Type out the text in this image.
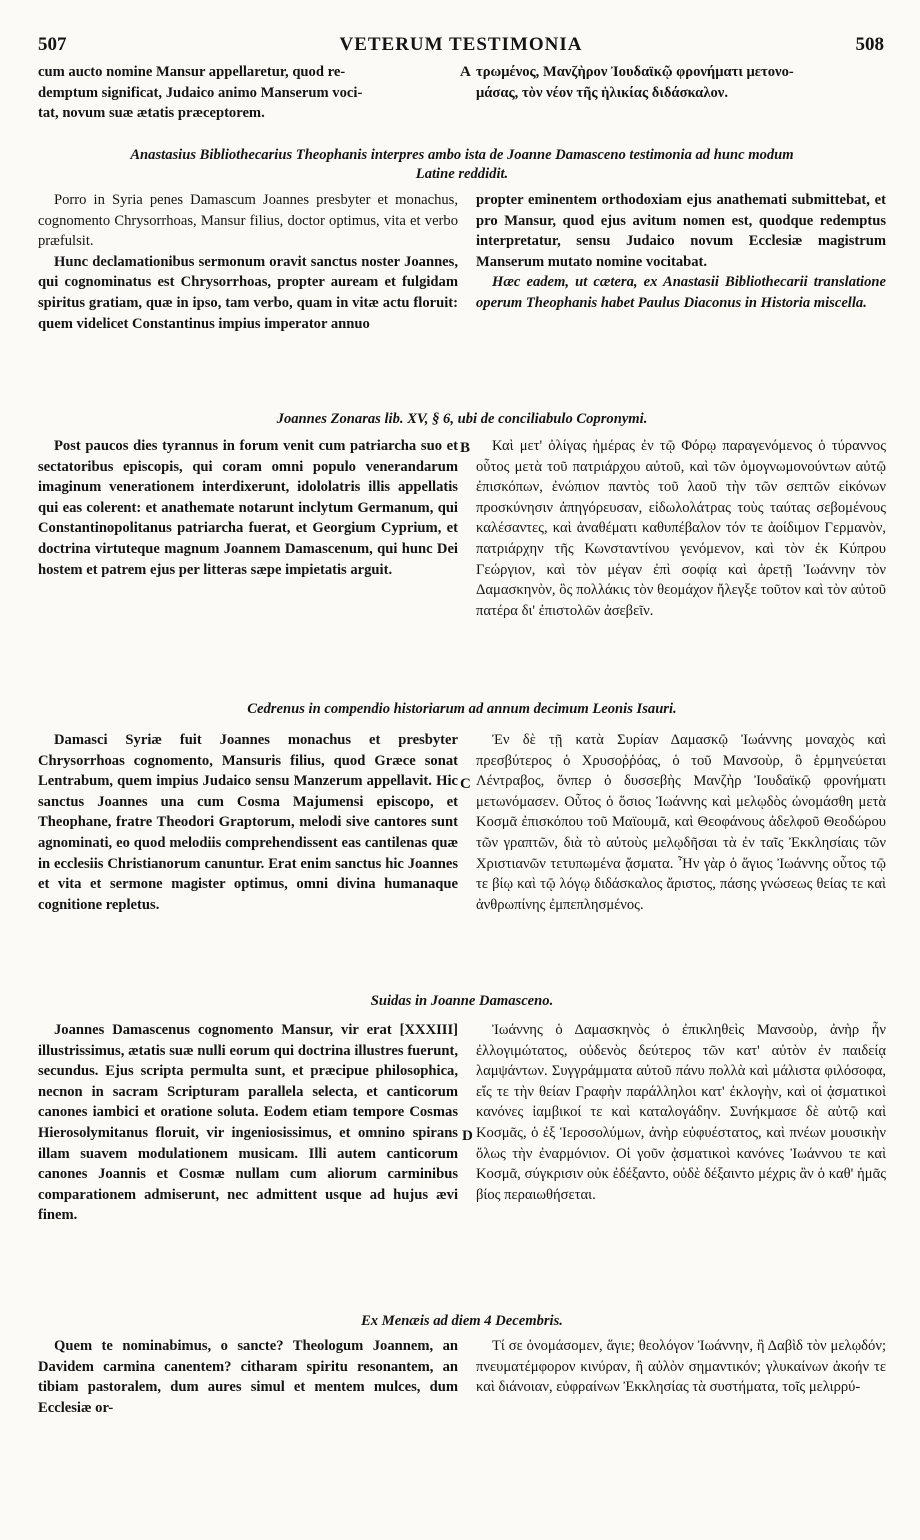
507	VETERUM TESTIMONIA	508

cum aucto nomine Mansur appellaretur, quod re-

demptum significat, Judaico animo Manserum voci-

tat, novum suæ ætatis præceptorem.

A τρωμένος, Μανζὴρον Ἰουδαϊκῷ φρονήματι μετονο-

μάσας, τὸν νέον τῆς ἡλικίας διδάσκαλον.

Anastasius Bibliothecarius Theophanis interpres ambo ista de Joanne Damasceno testimonia ad hunc modum
Latine reddidit.

Porro in Syria penes Damascum Joannes presbyter et monachus, cognomento Chrysorrhoas, Mansur filius, doctor optimus, vita et verbo præfulsit.

Hunc declamationibus sermonum oravit sanctus noster Joannes, qui cognominatus est Chrysorrhoas, propter auream et fulgidam spiritus gratiam, quæ in ipso, tam verbo, quam in vitæ actu floruit: quem videlicet Constantinus impius imperator annuo

propter eminentem orthodoxiam ejus anathemati submittebat, et pro Mansur, quod ejus avitum nomen est, quodque redemptus interpretatur, sensu Judaico novum Ecclesiæ magistrum Manserum mutato nomine vocitabat.

Hæc eadem, ut cætera, ex Anastasii Bibliothecarii translatione operum Theophanis habet Paulus Diaconus in Historia miscella.

Joannes Zonaras lib. XV, § 6, ubi de conciliabulo Copronymi.

Post paucos dies tyrannus in forum venit cum patriarcha suo et sectatoribus episcopis, qui coram omni populo venerandarum imaginum venerationem interdixerunt, idololatris illis appellatis qui eas colerent: et anathemate notarunt inclytum Germanum, qui Constantinopolitanus patriarcha fuerat, et Georgium Cyprium, et doctrina virtuteque magnum Joannem Damascenum, qui hunc Dei hostem et patrem ejus per litteras sæpe impietatis arguit.

B	Καὶ μετ' ὀλίγας ἡμέρας ἐν τῷ Φόρῳ παραγενόμενος ὁ τύραννος οὗτος μετὰ τοῦ πατριάρχου αὐτοῦ, καὶ τῶν ὁμογνωμονούντων αὐτῷ ἐπισκόπων, ἐνώπιον παντὸς τοῦ λαοῦ τὴν τῶν σεπτῶν εἰκόνων προσκύνησιν ἀπηγόρευσαν, εἰδωλολάτρας τοὺς ταύτας σεβομένους καλέσαντες, καὶ ἀναθέματι καθυπέβαλον τόν τε ἀοίδιμον Γερμανὸν, πατριάρχην τῆς Κωνσταντίνου γενόμενον, καὶ τὸν ἐκ Κύπρου Γεώργιον, καὶ τὸν μέγαν ἐπὶ σοφίᾳ καὶ ἀρετῇ Ἰωάννην τὸν Δαμασκηνὸν, ὃς πολλάκις τὸν θεομάχον ἤλεγξε τοῦτον καὶ τὸν αὐτοῦ πατέρα δι' ἐπιστολῶν ἀσεβεῖν.

Cedrenus in compendio historiarum ad annum decimum Leonis Isauri.

Damasci Syriæ fuit Joannes monachus et presbyter Chrysorrhoas cognomento, Mansuris filius, quod Græce sonat Lentrabum, quem impius Judaico sensu Manzerum appellavit. Hic sanctus Joannes una cum Cosma Majumensi episcopo, et Theophane, fratre Theodori Graptorum, melodi sive cantores sunt agnominati, eo quod melodiis comprehendissent eas cantilenas quæ in ecclesiis Christianorum canuntur. Erat enim sanctus hic Joannes et vita et sermone magister optimus, omni divina humanaque cognitione repletus.

C

Ἐν δὲ τῇ κατὰ Συρίαν Δαμασκῷ Ἰωάννης μοναχὸς καὶ πρεσβύτερος ὁ Χρυσοῤῥόας, ὁ τοῦ Μανσοὺρ, ὃ ἑρμηνεύεται Λέντραβος, ὅνπερ ὁ δυσσεβὴς Μανζὴρ Ἰουδαϊκῷ φρονήματι μετωνόμασεν. Οὗτος ὁ ὅσιος Ἰωάννης καὶ μελῳδὸς ὠνομάσθη μετὰ Κοσμᾶ ἐπισκόπου τοῦ Μαϊουμᾶ, καὶ Θεοφάνους ἀδελφοῦ Θεοδώρου τῶν γραπτῶν, διὰ τὸ αὐτοὺς μελῳδῆσαι τὰ ἐν ταῖς Ἐκκλησίαις τῶν Χριστιανῶν τετυπωμένα ᾄσματα. Ἦν γὰρ ὁ ἅγιος Ἰωάννης οὗτος τῷ τε βίῳ καὶ τῷ λόγῳ διδάσκαλος ἄριστος, πάσης γνώσεως θείας τε καὶ ἀνθρωπίνης ἐμπεπλησμένος.

Suidas in Joanne Damasceno.

Joannes Damascenus cognomento Mansur, vir erat [XXXIII] illustrissimus, ætatis suæ nulli eorum qui doctrina illustres fuerunt, secundus. Ejus scripta permulta sunt, et præcipue philosophica, necnon in sacram Scripturam parallela selecta, et canticorum canones iambici et oratione soluta. Eodem etiam tempore Cosmas Hierosolymitanus floruit, vir ingeniosissimus, et omnino spirans illam suavem modulationem musicam. Illi autem canticorum canones Joannis et Cosmæ nullam cum aliorum carminibus comparationem admiserunt, nec admittent usque ad hujus ævi finem.

D

Ἰωάννης ὁ Δαμασκηνὸς ὁ ἐπικληθεὶς Μανσοὺρ, ἀνὴρ ἦν ἐλλογιμώτατος, οὐδενὸς δεύτερος τῶν κατ' αὐτὸν ἐν παιδείᾳ λαμψάντων. Συγγράμματα αὐτοῦ πάνυ πολλὰ καὶ μάλιστα φιλόσοφα, εἴς τε τὴν θείαν Γραφὴν παράλληλοι κατ' ἐκλογὴν, καὶ οἱ ᾀσματικοὶ κανόνες ἰαμβικοί τε καὶ καταλογάδην. Συνήκμασε δὲ αὐτῷ καὶ Κοσμᾶς, ὁ ἐξ Ἱεροσολύμων, ἀνὴρ εὐφυέστατος, καὶ πνέων μουσικὴν ὅλως τὴν ἐναρμόνιον. Οἱ γοῦν ᾀσματικοὶ κανόνες Ἰωάννου τε καὶ Κοσμᾶ, σύγκρισιν οὐκ ἐδέξαντο, οὐδὲ δέξαιντο μέχρις ἂν ὁ καθ' ἡμᾶς βίος περαιωθήσεται.

Ex Menæis ad diem 4 Decembris.

Quem te nominabimus, o sancte? Theologum Joannem, an Davidem carmina canentem? citharam spiritu resonantem, an tibiam pastoralem, dum aures simul et mentem mulces, dum Ecclesiæ or-

Τί σε ὀνομάσομεν, ἅγιε; θεολόγον Ἰωάννην, ἢ Δαβὶδ τὸν μελῳδόν; πνευματέμφορον κινύραν, ἢ αὐλὸν σημαντικόν; γλυκαίνων ἀκοήν τε καὶ διάνοιαν, εὐφραίνων Ἐκκλησίας τὰ συστήματα, τοῖς μελιρρύ-
